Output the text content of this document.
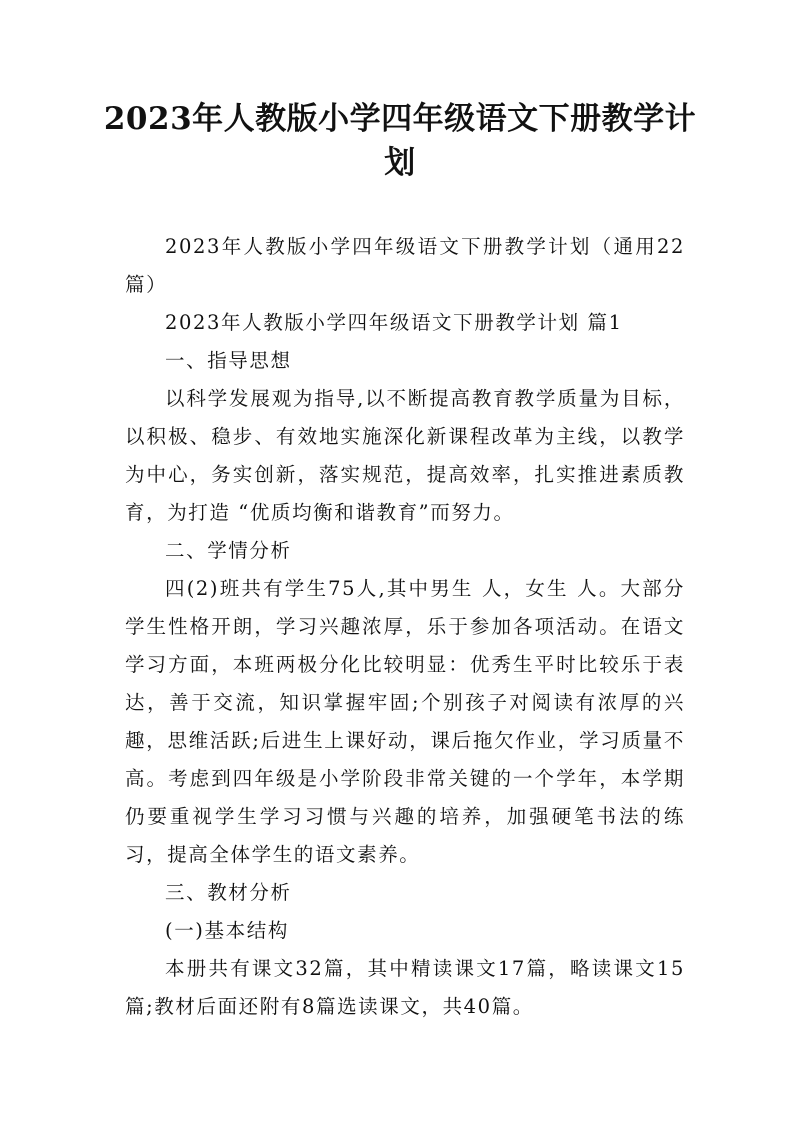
2023年人教版小学四年级语文下册教学计
划

2023年人教版小学四年级语文下册教学计划（通用22篇）

2023年人教版小学四年级语文下册教学计划 篇1

一、指导思想

以科学发展观为指导,以不断提高教育教学质量为目标，以积极、稳步、有效地实施深化新课程改革为主线，以教学为中心，务实创新，落实规范，提高效率，扎实推进素质教育，为打造 “优质均衡和谐教育”而努力。

二、学情分析

四(2)班共有学生75人,其中男生 人，女生 人。大部分学生性格开朗，学习兴趣浓厚，乐于参加各项活动。在语文学习方面，本班两极分化比较明显：优秀生平时比较乐于表达，善于交流，知识掌握牢固;个别孩子对阅读有浓厚的兴趣，思维活跃;后进生上课好动，课后拖欠作业，学习质量不高。考虑到四年级是小学阶段非常关键的一个学年，本学期仍要重视学生学习习惯与兴趣的培养，加强硬笔书法的练习，提高全体学生的语文素养。

三、教材分析

(一)基本结构

本册共有课文32篇，其中精读课文17篇，略读课文15篇;教材后面还附有8篇选读课文，共40篇。
